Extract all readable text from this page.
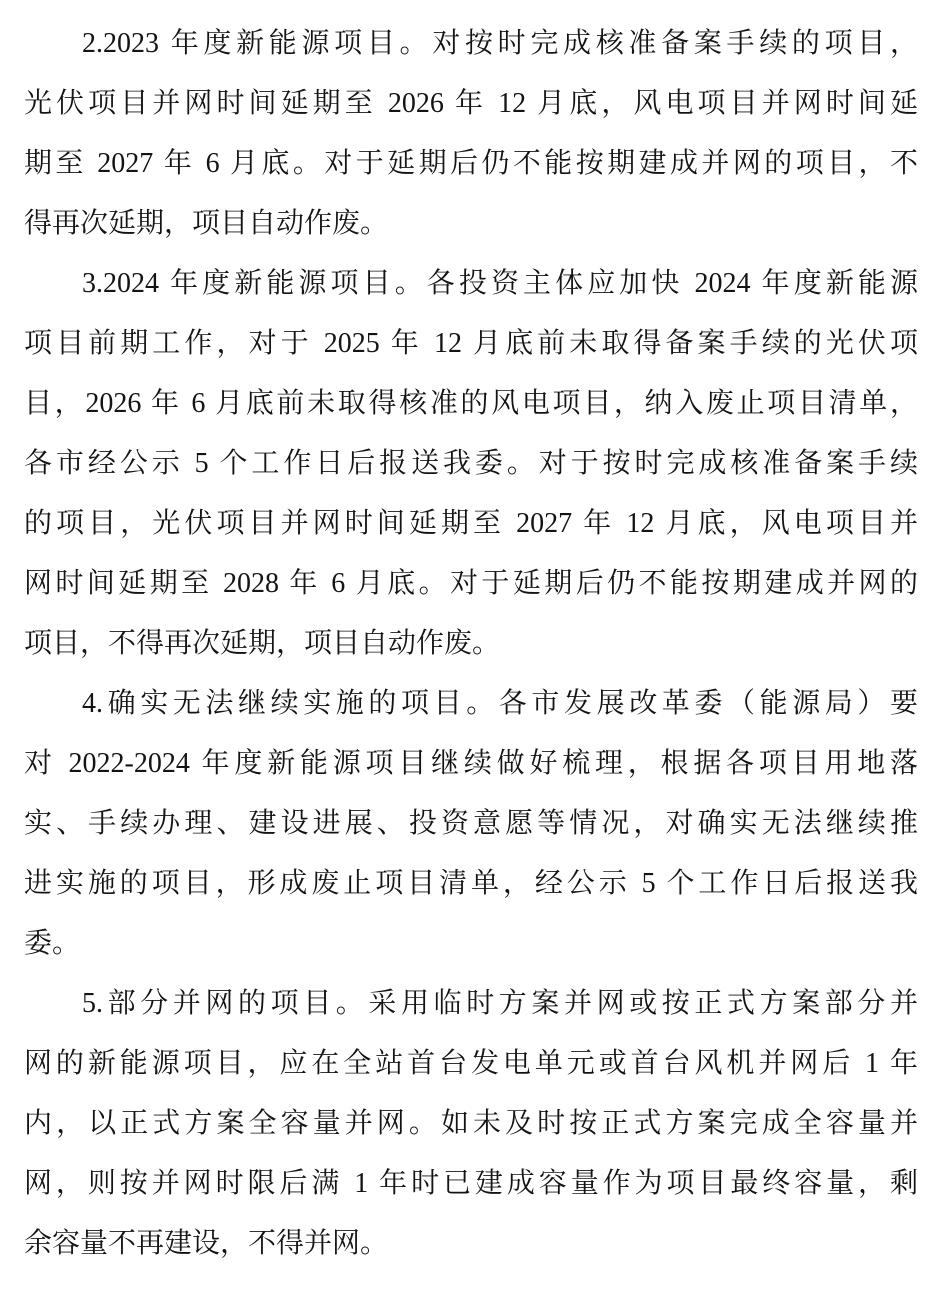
2.2023 年度新能源项目。对按时完成核准备案手续的项目，
光伏项目并网时间延期至 2026 年 12 月底，风电项目并网时间延
期至 2027 年 6 月底。对于延期后仍不能按期建成并网的项目，不
得再次延期，项目自动作废。
3.2024 年度新能源项目。各投资主体应加快 2024 年度新能源
项目前期工作，对于 2025 年 12 月底前未取得备案手续的光伏项
目，2026 年 6 月底前未取得核准的风电项目，纳入废止项目清单，
各市经公示 5 个工作日后报送我委。对于按时完成核准备案手续
的项目，光伏项目并网时间延期至 2027 年 12 月底，风电项目并
网时间延期至 2028 年 6 月底。对于延期后仍不能按期建成并网的
项目，不得再次延期，项目自动作废。
4.确实无法继续实施的项目。各市发展改革委（能源局）要
对 2022-2024 年度新能源项目继续做好梳理，根据各项目用地落
实、手续办理、建设进展、投资意愿等情况，对确实无法继续推
进实施的项目，形成废止项目清单，经公示 5 个工作日后报送我
委。
5.部分并网的项目。采用临时方案并网或按正式方案部分并
网的新能源项目，应在全站首台发电单元或首台风机并网后 1 年
内，以正式方案全容量并网。如未及时按正式方案完成全容量并
网，则按并网时限后满 1 年时已建成容量作为项目最终容量，剩
余容量不再建设，不得并网。
